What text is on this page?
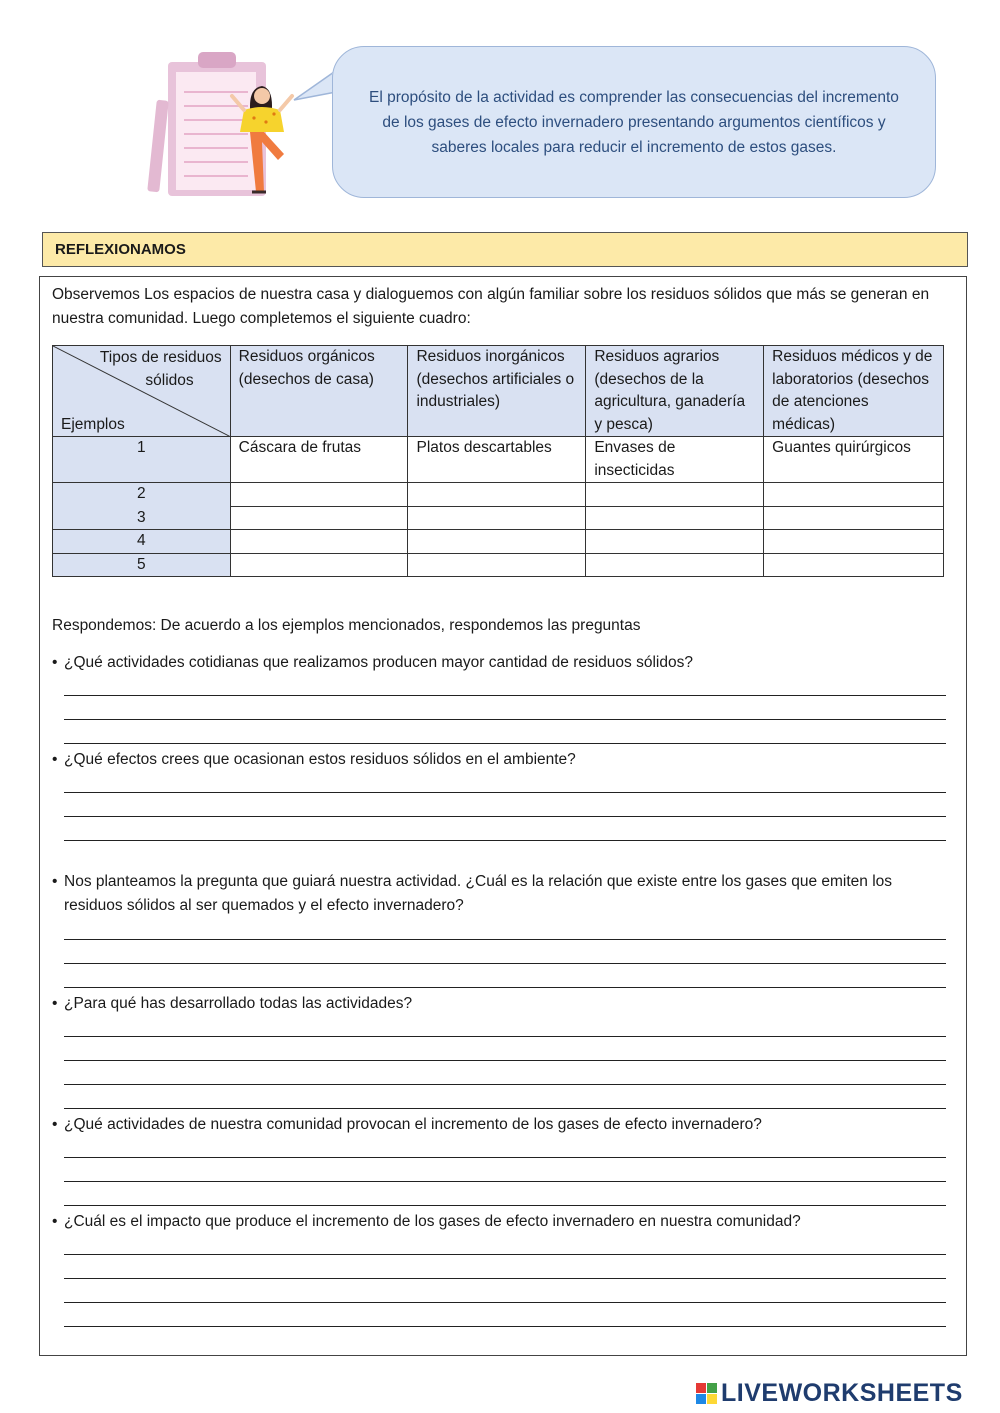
El propósito de la actividad es comprender las consecuencias del incremento de los gases de efecto invernadero presentando argumentos científicos y saberes locales para reducir el incremento de estos gases.
REFLEXIONAMOS
Observemos Los espacios de nuestra casa y dialoguemos con algún familiar sobre los residuos sólidos que más se generan en nuestra comunidad. Luego completemos el siguiente cuadro:
Tipos de residuos
sólidos
Ejemplos	Residuos orgánicos (desechos de casa)	Residuos inorgánicos (desechos artificiales o industriales)	Residuos agrarios (desechos de la agricultura, ganadería y pesca)	Residuos médicos y de laboratorios (desechos de atenciones médicas)
1	Cáscara de frutas	Platos descartables	Envases de insecticidas	Guantes quirúrgicos
2				
3				
4				
5				
Respondemos: De acuerdo a los ejemplos mencionados, respondemos las preguntas
• ¿Qué actividades cotidianas que realizamos producen mayor cantidad de residuos sólidos?
• ¿Qué efectos crees que ocasionan estos residuos sólidos en el ambiente?
• Nos planteamos la pregunta que guiará nuestra actividad. ¿Cuál es la relación que existe entre los gases que emiten los residuos sólidos al ser quemados y el efecto invernadero?
• ¿Para qué has desarrollado todas las actividades?
• ¿Qué actividades de nuestra comunidad provocan el incremento de los gases de efecto invernadero?
• ¿Cuál es el impacto que produce el incremento de los gases de efecto invernadero en nuestra comunidad?
LIVEWORKSHEETS
